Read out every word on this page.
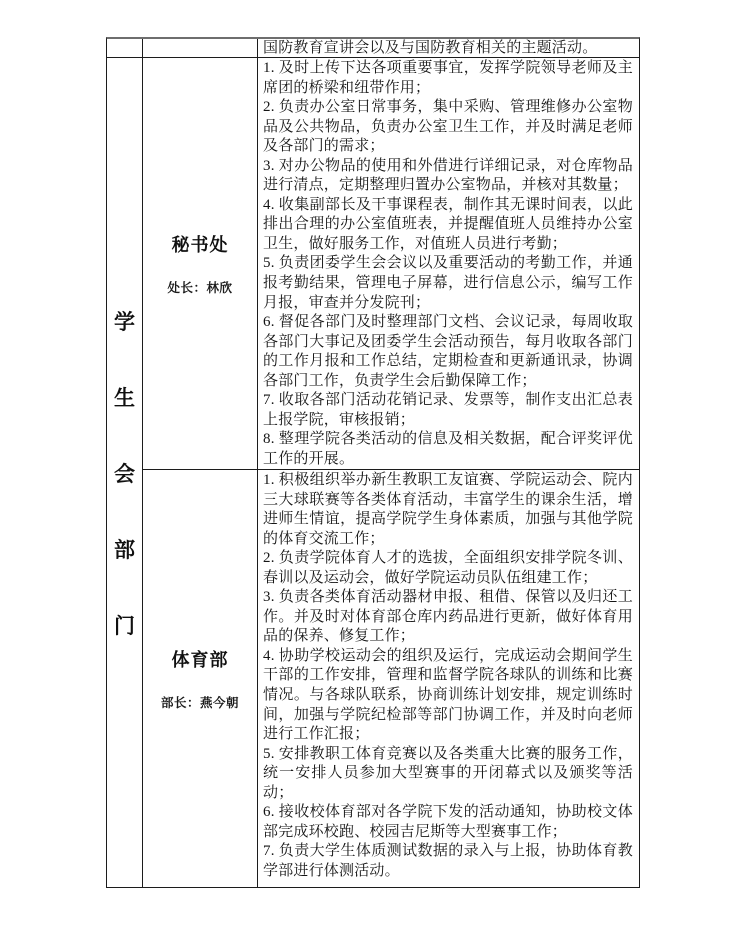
国防教育宣讲会以及与国防教育相关的主题活动。
学
生
会
部
门
秘书处
处长：林欣
1. 及时上传下达各项重要事宜，发挥学院领导老师及主席团的桥梁和纽带作用；
2. 负责办公室日常事务，集中采购、管理维修办公室物品及公共物品，负责办公室卫生工作，并及时满足老师及各部门的需求；
3. 对办公物品的使用和外借进行详细记录，对仓库物品进行清点，定期整理归置办公室物品，并核对其数量；
4. 收集副部长及干事课程表，制作其无课时间表，以此排出合理的办公室值班表，并提醒值班人员维持办公室卫生，做好服务工作，对值班人员进行考勤；
5. 负责团委学生会会议以及重要活动的考勤工作，并通报考勤结果，管理电子屏幕，进行信息公示，编写工作月报，审查并分发院刊；
6. 督促各部门及时整理部门文档、会议记录，每周收取各部门大事记及团委学生会活动预告，每月收取各部门的工作月报和工作总结，定期检查和更新通讯录，协调各部门工作，负责学生会后勤保障工作；
7. 收取各部门活动花销记录、发票等，制作支出汇总表上报学院，审核报销；
8. 整理学院各类活动的信息及相关数据，配合评奖评优工作的开展。
体育部
部长：燕今朝
1. 积极组织举办新生教职工友谊赛、学院运动会、院内三大球联赛等各类体育活动，丰富学生的课余生活，增进师生情谊，提高学院学生身体素质，加强与其他学院的体育交流工作；
2. 负责学院体育人才的选拔，全面组织安排学院冬训、春训以及运动会，做好学院运动员队伍组建工作；
3. 负责各类体育活动器材申报、租借、保管以及归还工作。并及时对体育部仓库内药品进行更新，做好体育用品的保养、修复工作；
4. 协助学校运动会的组织及运行，完成运动会期间学生干部的工作安排，管理和监督学院各球队的训练和比赛情况。与各球队联系，协商训练计划安排，规定训练时间，加强与学院纪检部等部门协调工作，并及时向老师进行工作汇报；
5. 安排教职工体育竞赛以及各类重大比赛的服务工作，统一安排人员参加大型赛事的开闭幕式以及颁奖等活动；
6. 接收校体育部对各学院下发的活动通知，协助校文体部完成环校跑、校园吉尼斯等大型赛事工作；
7. 负责大学生体质测试数据的录入与上报，协助体育教学部进行体测活动。
